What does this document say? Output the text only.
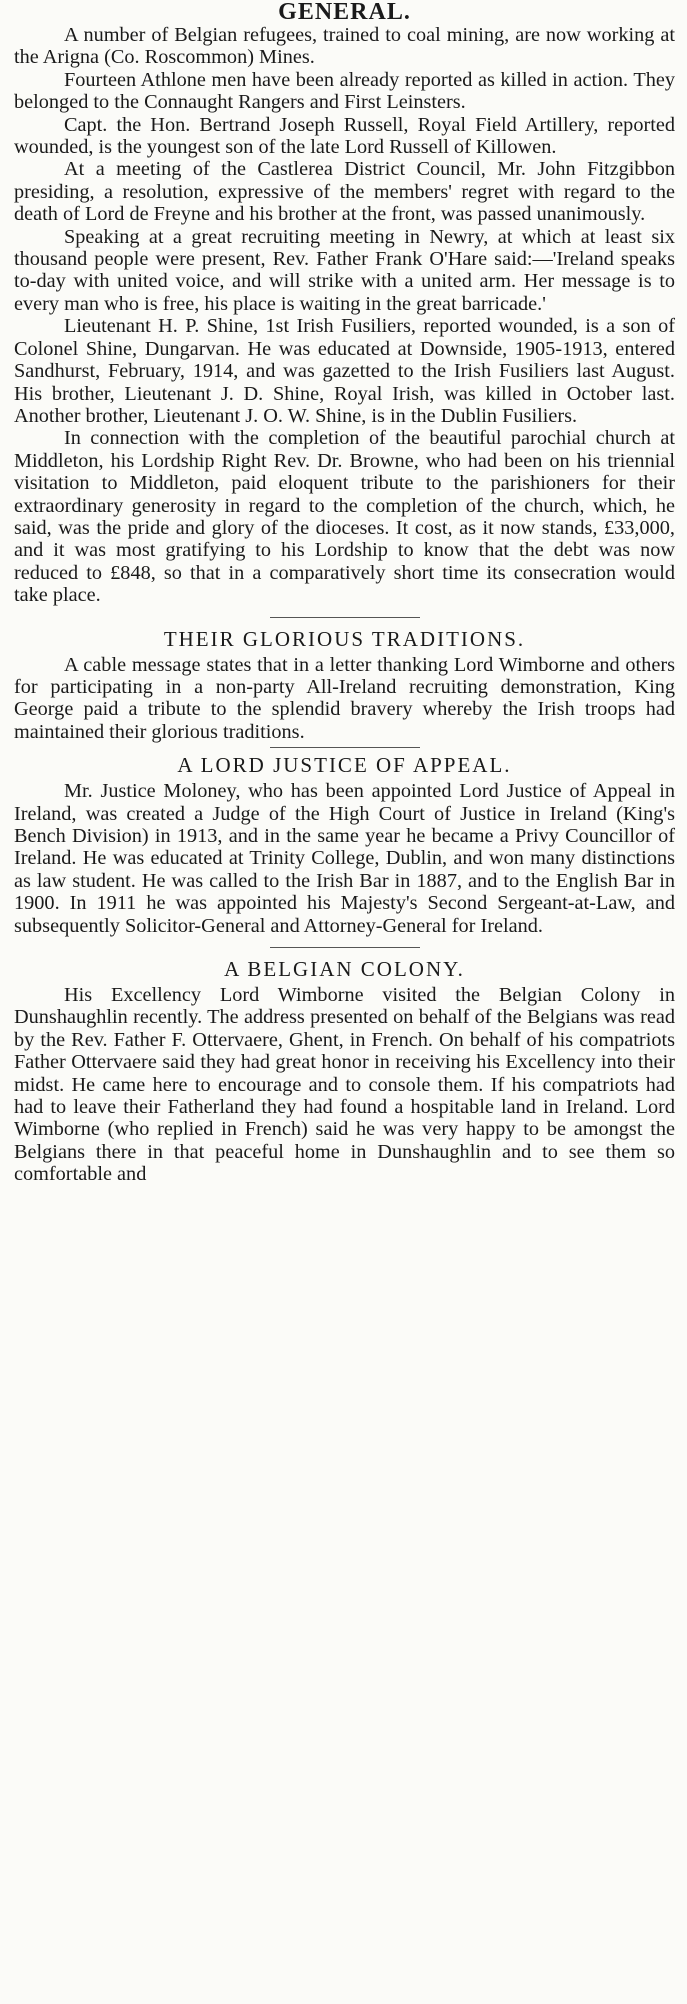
GENERAL.

A number of Belgian refugees, trained to coal mining, are now working at the Arigna (Co. Roscommon) Mines.

Fourteen Athlone men have been already reported as killed in action. They belonged to the Connaught Rangers and First Leinsters.

Capt. the Hon. Bertrand Joseph Russell, Royal Field Artillery, reported wounded, is the youngest son of the late Lord Russell of Killowen.

At a meeting of the Castlerea District Council, Mr. John Fitzgibbon presiding, a resolution, expressive of the members' regret with regard to the death of Lord de Freyne and his brother at the front, was passed unanimously.

Speaking at a great recruiting meeting in Newry, at which at least six thousand people were present, Rev. Father Frank O'Hare said:—'Ireland speaks to-day with united voice, and will strike with a united arm. Her message is to every man who is free, his place is waiting in the great barricade.'

Lieutenant H. P. Shine, 1st Irish Fusiliers, reported wounded, is a son of Colonel Shine, Dungarvan. He was educated at Downside, 1905-1913, entered Sandhurst, February, 1914, and was gazetted to the Irish Fusiliers last August. His brother, Lieutenant J. D. Shine, Royal Irish, was killed in October last. Another brother, Lieutenant J. O. W. Shine, is in the Dublin Fusiliers.

In connection with the completion of the beautiful parochial church at Middleton, his Lordship Right Rev. Dr. Browne, who had been on his triennial visitation to Middleton, paid eloquent tribute to the parishioners for their extraordinary generosity in regard to the completion of the church, which, he said, was the pride and glory of the dioceses. It cost, as it now stands, £33,000, and it was most gratifying to his Lordship to know that the debt was now reduced to £848, so that in a comparatively short time its consecration would take place.

THEIR GLORIOUS TRADITIONS.

A cable message states that in a letter thanking Lord Wimborne and others for participating in a non-party All-Ireland recruiting demonstration, King George paid a tribute to the splendid bravery whereby the Irish troops had maintained their glorious traditions.

A LORD JUSTICE OF APPEAL.

Mr. Justice Moloney, who has been appointed Lord Justice of Appeal in Ireland, was created a Judge of the High Court of Justice in Ireland (King's Bench Division) in 1913, and in the same year he became a Privy Councillor of Ireland. He was educated at Trinity College, Dublin, and won many distinctions as law student. He was called to the Irish Bar in 1887, and to the English Bar in 1900. In 1911 he was appointed his Majesty's Second Sergeant-at-Law, and subsequently Solicitor-General and Attorney-General for Ireland.

A BELGIAN COLONY.

His Excellency Lord Wimborne visited the Belgian Colony in Dunshaughlin recently. The address presented on behalf of the Belgians was read by the Rev. Father F. Ottervaere, Ghent, in French. On behalf of his compatriots Father Ottervaere said they had great honor in receiving his Excellency into their midst. He came here to encourage and to console them. If his compatriots had had to leave their Fatherland they had found a hospitable land in Ireland. Lord Wimborne (who replied in French) said he was very happy to be amongst the Belgians there in that peaceful home in Dunshaughlin and to see them so comfortable and
